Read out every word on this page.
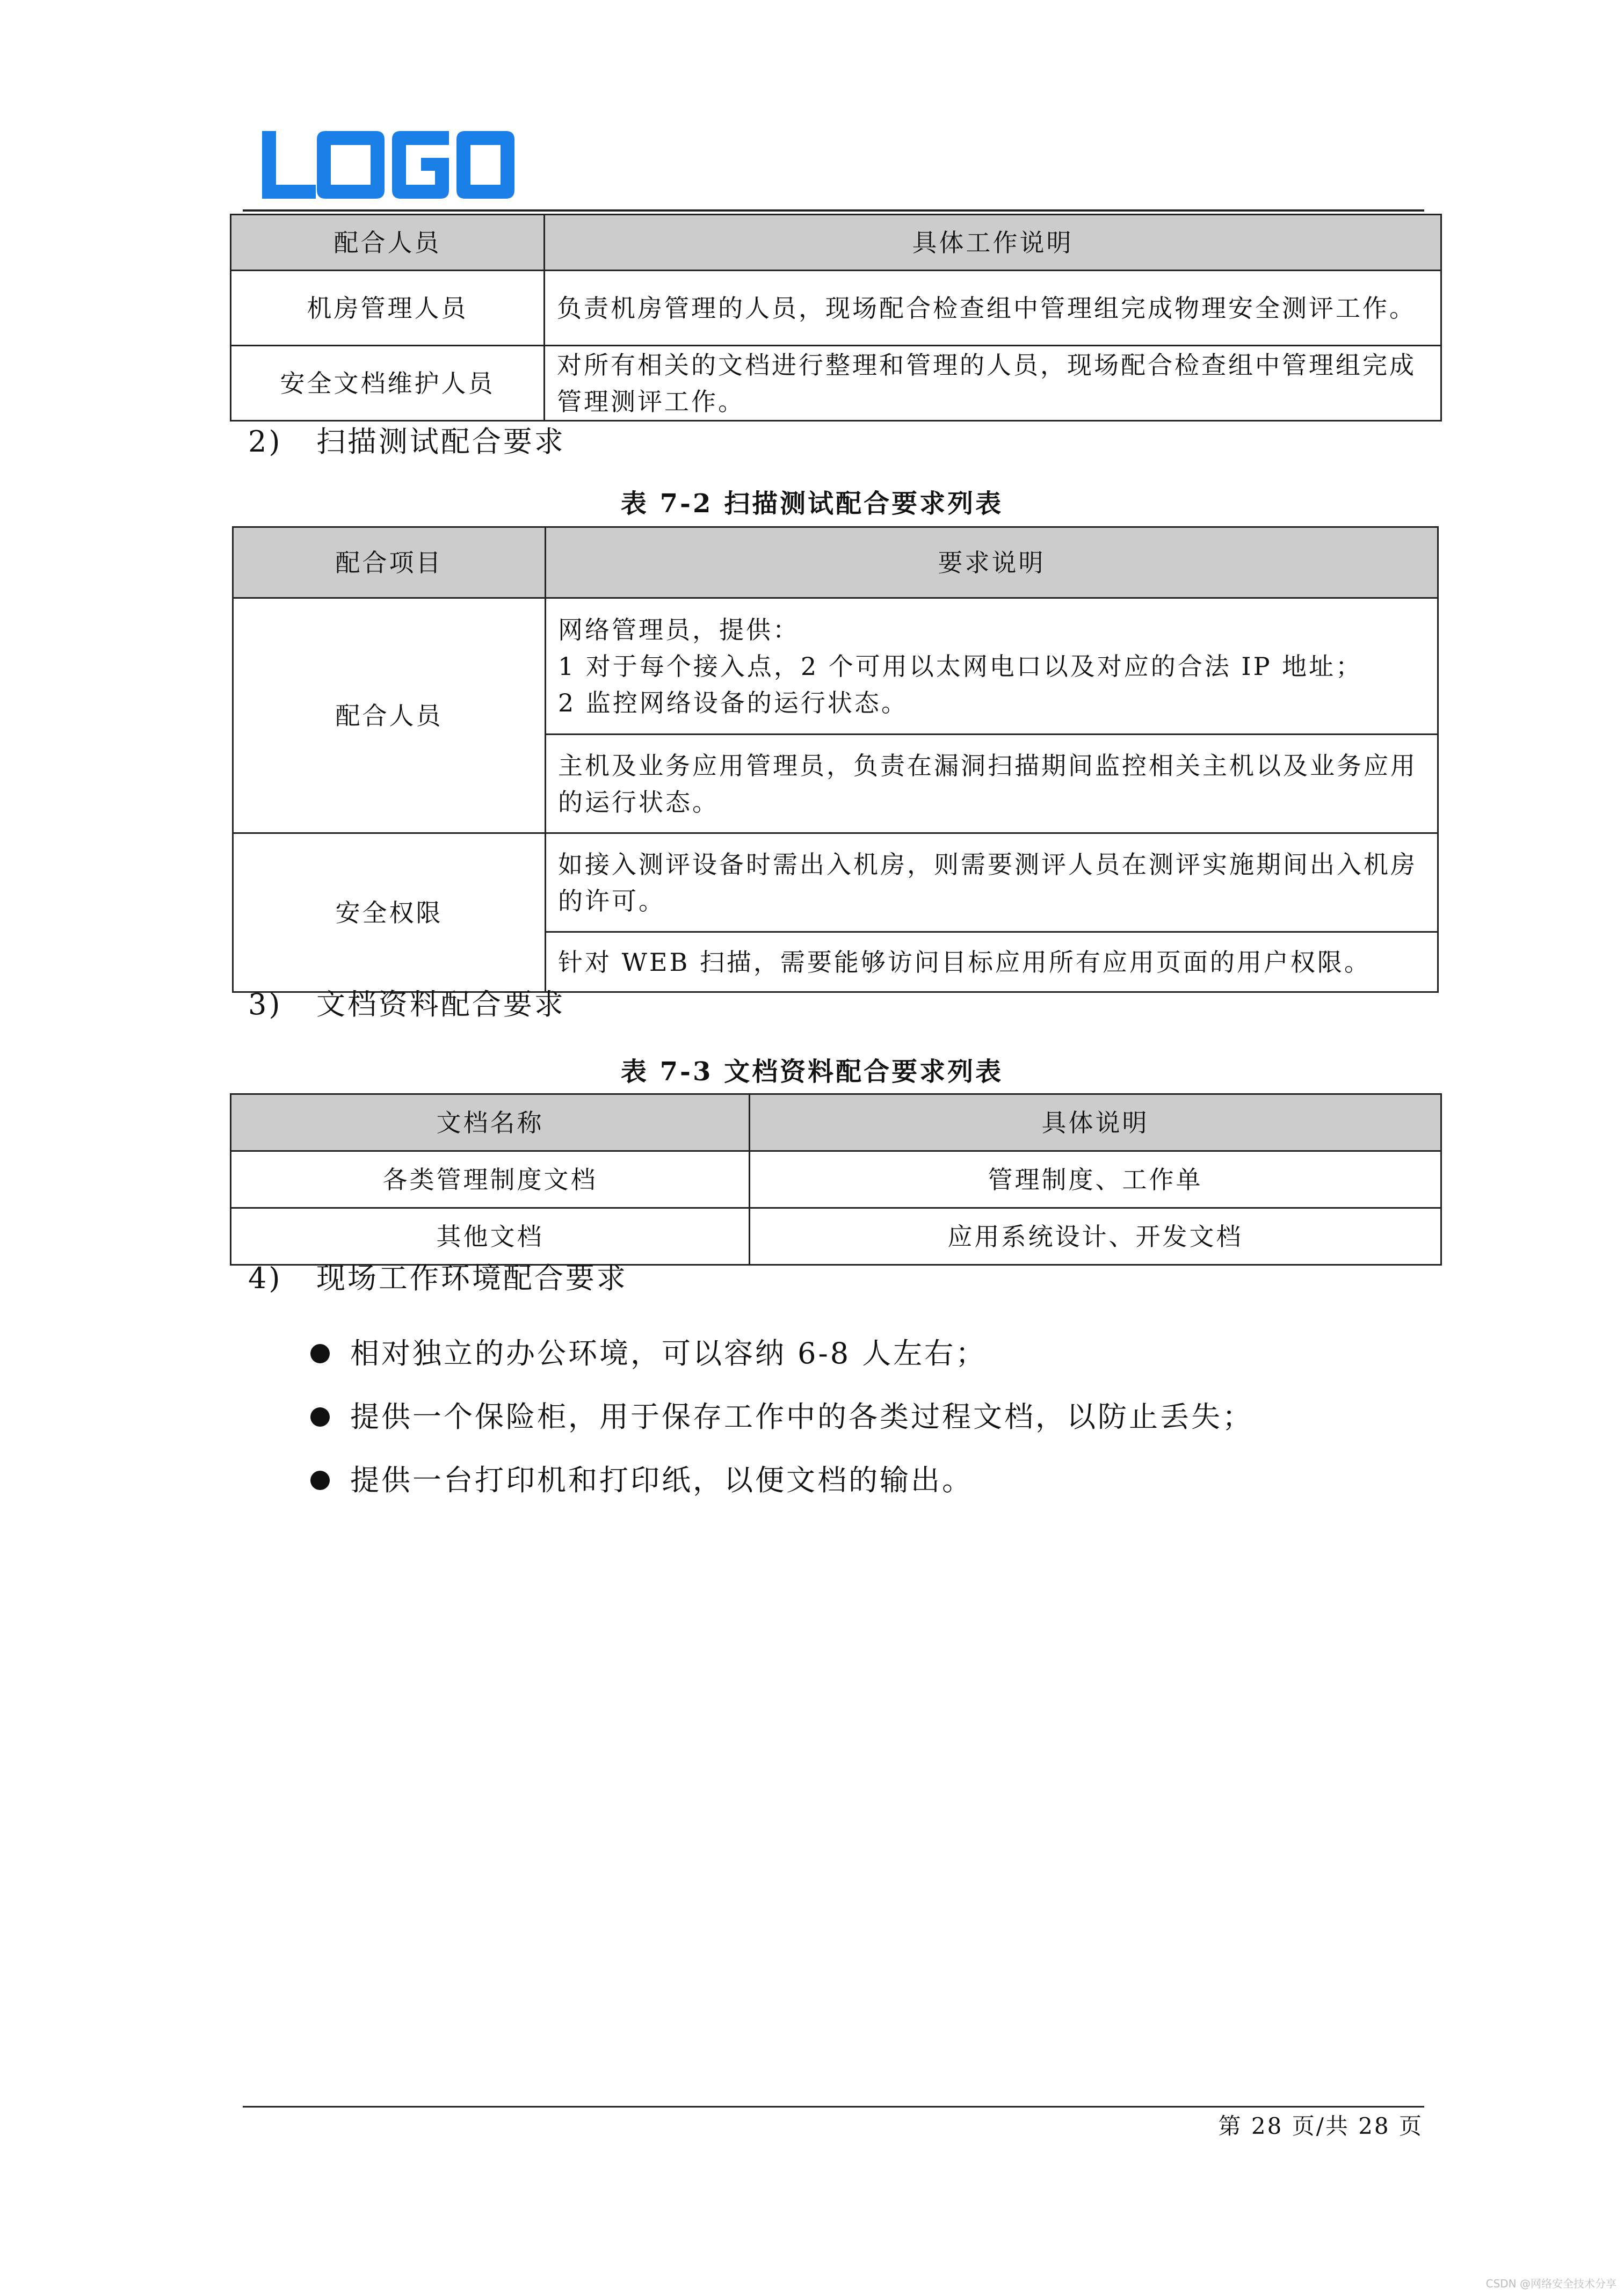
配合人员	具体工作说明
机房管理人员	负责机房管理的人员，现场配合检查组中管理组完成物理安全测评工作。
安全文档维护人员	对所有相关的文档进行整理和管理的人员，现场配合检查组中管理组完成管理测评工作。
2) 扫描测试配合要求
表 7-2 扫描测试配合要求列表
配合项目	要求说明
配合人员	网络管理员，提供：
1 对于每个接入点，2 个可用以太网电口以及对应的合法 IP 地址；
2 监控网络设备的运行状态。

	主机及业务应用管理员，负责在漏洞扫描期间监控相关主机以及业务应用的运行状态。
安全权限	如接入测评设备时需出入机房，则需要测评人员在测评实施期间出入机房的许可。
	针对 WEB 扫描，需要能够访问目标应用所有应用页面的用户权限。
3) 文档资料配合要求
表 7-3 文档资料配合要求列表
文档名称	具体说明
各类管理制度文档	管理制度、工作单
其他文档	应用系统设计、开发文档
4) 现场工作环境配合要求
相对独立的办公环境，可以容纳 6-8 人左右；
提供一个保险柜，用于保存工作中的各类过程文档，以防止丢失；
提供一台打印机和打印纸，以便文档的输出。
第 28 页/共 28 页
CSDN @网络安全技术分享
